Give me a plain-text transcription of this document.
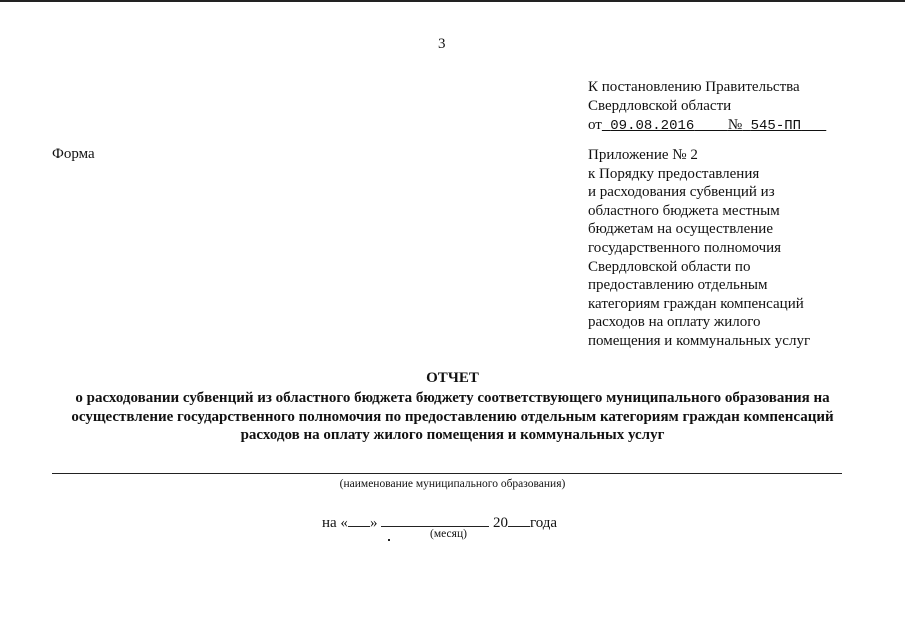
3
К постановлению Правительства
Свердловской области
от 09.08.2016 № 545-ПП
Форма	Приложение № 2
к Порядку предоставления
и расходования субвенций из
областного бюджета местным
бюджетам на осуществление
государственного полномочия
Свердловской области по
предоставлению отдельным
категориям граждан компенсаций
расходов на оплату жилого
помещения и коммунальных услуг
ОТЧЕТ
о расходовании субвенций из областного бюджета бюджету соответствующего муниципального образования на
осуществление государственного полномочия по предоставлению отдельным категориям граждан компенсаций
расходов на оплату жилого помещения и коммунальных услуг
(наименование муниципального образования)
на « »	20 года
(месяц)
